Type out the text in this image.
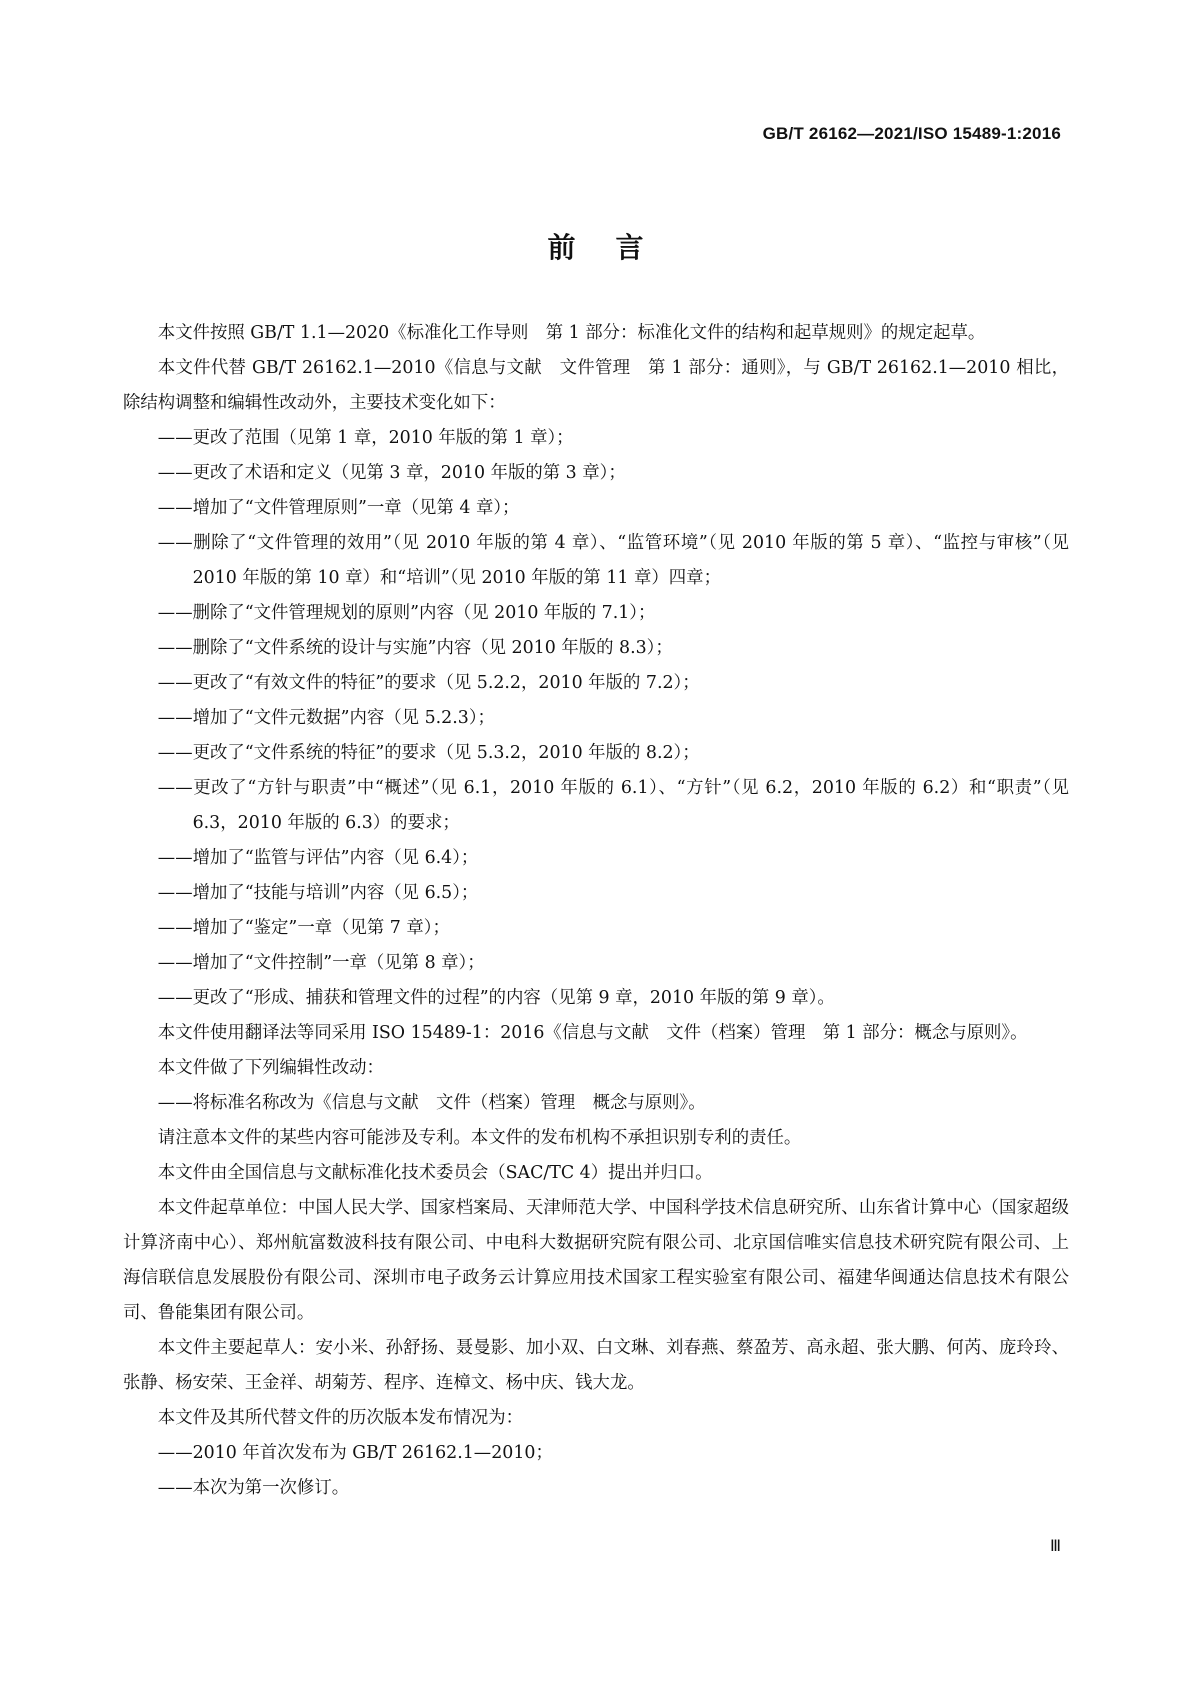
GB/T 26162—2021/ISO 15489-1:2016
前言

本文件按照 GB/T 1.1—2020《标准化工作导则　第 1 部分：标准化文件的结构和起草规则》的规定起草。

本文件代替 GB/T 26162.1—2010《信息与文献　文件管理　第 1 部分：通则》，与 GB/T 26162.1—2010 相比，除结构调整和编辑性改动外，主要技术变化如下：

——更改了范围（见第 1 章，2010 年版的第 1 章）；

——更改了术语和定义（见第 3 章，2010 年版的第 3 章）；

——增加了“文件管理原则”一章（见第 4 章）；

——删除了“文件管理的效用”（见 2010 年版的第 4 章）、“监管环境”（见 2010 年版的第 5 章）、“监控与审核”（见 2010 年版的第 10 章）和“培训”（见 2010 年版的第 11 章）四章；

——删除了“文件管理规划的原则”内容（见 2010 年版的 7.1）；

——删除了“文件系统的设计与实施”内容（见 2010 年版的 8.3）；

——更改了“有效文件的特征”的要求（见 5.2.2，2010 年版的 7.2）；

——增加了“文件元数据”内容（见 5.2.3）；

——更改了“文件系统的特征”的要求（见 5.3.2，2010 年版的 8.2）；

——更改了“方针与职责”中“概述”（见 6.1，2010 年版的 6.1）、“方针”（见 6.2，2010 年版的 6.2）和“职责”（见 6.3，2010 年版的 6.3）的要求；

——增加了“监管与评估”内容（见 6.4）；

——增加了“技能与培训”内容（见 6.5）；

——增加了“鉴定”一章（见第 7 章）；

——增加了“文件控制”一章（见第 8 章）；

——更改了“形成、捕获和管理文件的过程”的内容（见第 9 章，2010 年版的第 9 章）。

本文件使用翻译法等同采用 ISO 15489-1：2016《信息与文献　文件（档案）管理　第 1 部分：概念与原则》。

本文件做了下列编辑性改动：

——将标准名称改为《信息与文献　文件（档案）管理　概念与原则》。

请注意本文件的某些内容可能涉及专利。本文件的发布机构不承担识别专利的责任。

本文件由全国信息与文献标准化技术委员会（SAC/TC 4）提出并归口。

本文件起草单位：中国人民大学、国家档案局、天津师范大学、中国科学技术信息研究所、山东省计算中心（国家超级计算济南中心）、郑州航富数波科技有限公司、中电科大数据研究院有限公司、北京国信唯实信息技术研究院有限公司、上海信联信息发展股份有限公司、深圳市电子政务云计算应用技术国家工程实验室有限公司、福建华闽通达信息技术有限公司、鲁能集团有限公司。

本文件主要起草人：安小米、孙舒扬、聂曼影、加小双、白文琳、刘春燕、蔡盈芳、高永超、张大鹏、何芮、庞玲玲、张静、杨安荣、王金祥、胡菊芳、程序、连樟文、杨中庆、钱大龙。

本文件及其所代替文件的历次版本发布情况为：

——2010 年首次发布为 GB/T 26162.1—2010；

——本次为第一次修订。

Ⅲ
